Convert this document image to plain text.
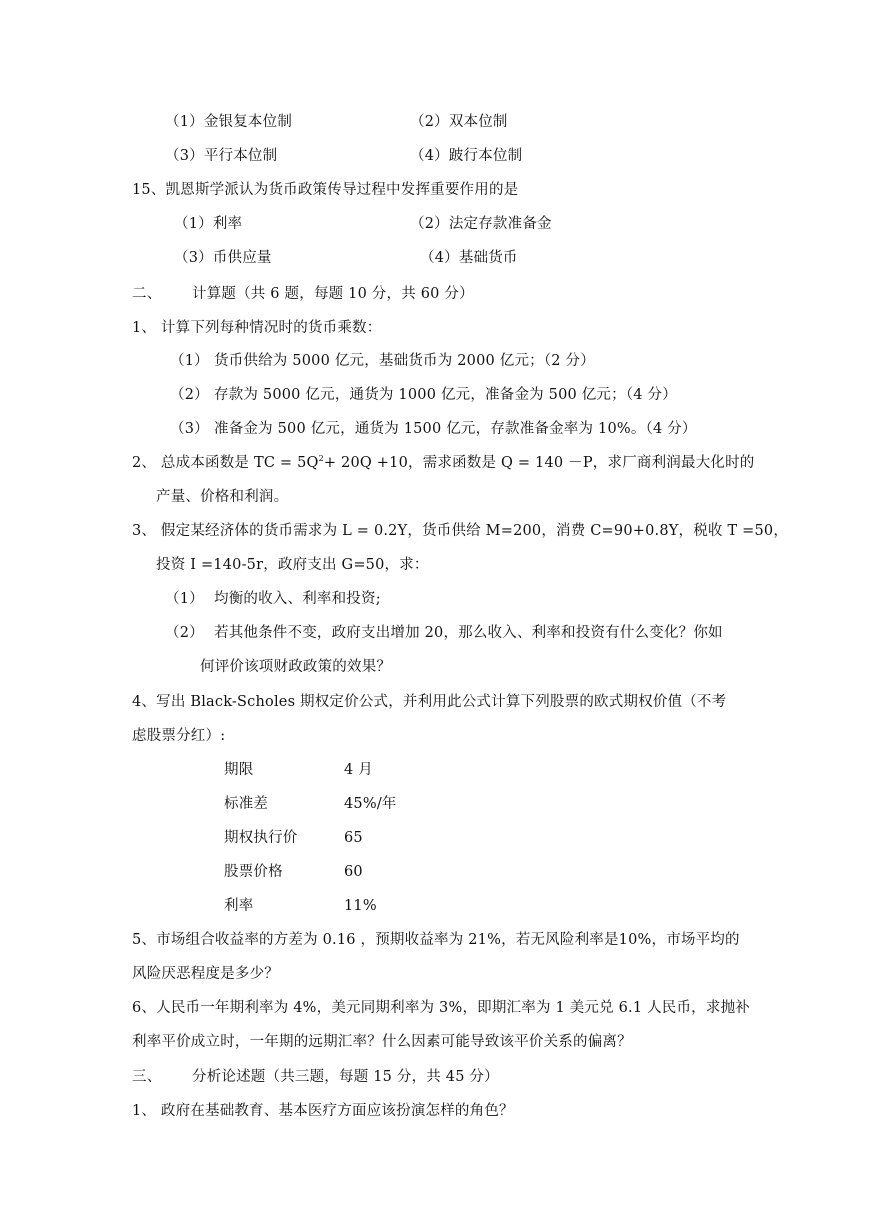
（1）金银复本位制	（2）双本位制
（3）平行本位制	（4）跛行本位制
15、凯恩斯学派认为货币政策传导过程中发挥重要作用的是
（1）利率	（2）法定存款准备金
（3）币供应量	（4）基础货币
二、 计算题（共 6 题，每题 10 分，共 60 分）
1、 计算下列每种情况时的货币乘数：
（1） 货币供给为 5000 亿元，基础货币为 2000 亿元；（2 分）
（2） 存款为 5000 亿元，通货为 1000 亿元，准备金为 500 亿元；（4 分）
（3） 准备金为 500 亿元，通货为 1500 亿元，存款准备金率为 10%。（4 分）
2、 总成本函数是 TC = $5Q^2+ 20Q +10$，需求函数是 Q = 140 －P，求厂商利润最大化时的
产量、价格和利润。
3、 假定某经济体的货币需求为 L = 0.2Y，货币供给 M=200，消费 C=90+0.8Y，税收 T =50，
投资 I =140-5r，政府支出 G=50，求：
（1） 均衡的收入、利率和投资;
（2） 若其他条件不变，政府支出增加 20，那么收入、利率和投资有什么变化？你如
何评价该项财政政策的效果？
4、写出 Black-Scholes 期权定价公式，并利用此公式计算下列股票的欧式期权价值（不考
虑股票分红）:
期限	4 月
标准差	45%/年
期权执行价	65
股票价格	60
利率	11%
5、市场组合收益率的方差为 0.16 ，预期收益率为 21%，若无风险利率是10%，市场平均的
风险厌恶程度是多少？
6、人民币一年期利率为 4%，美元同期利率为 3%，即期汇率为 1 美元兑 6.1 人民币，求抛补
利率平价成立时，一年期的远期汇率？什么因素可能导致该平价关系的偏离？
三、 分析论述题（共三题，每题 15 分，共 45 分）
1、 政府在基础教育、基本医疗方面应该扮演怎样的角色？
